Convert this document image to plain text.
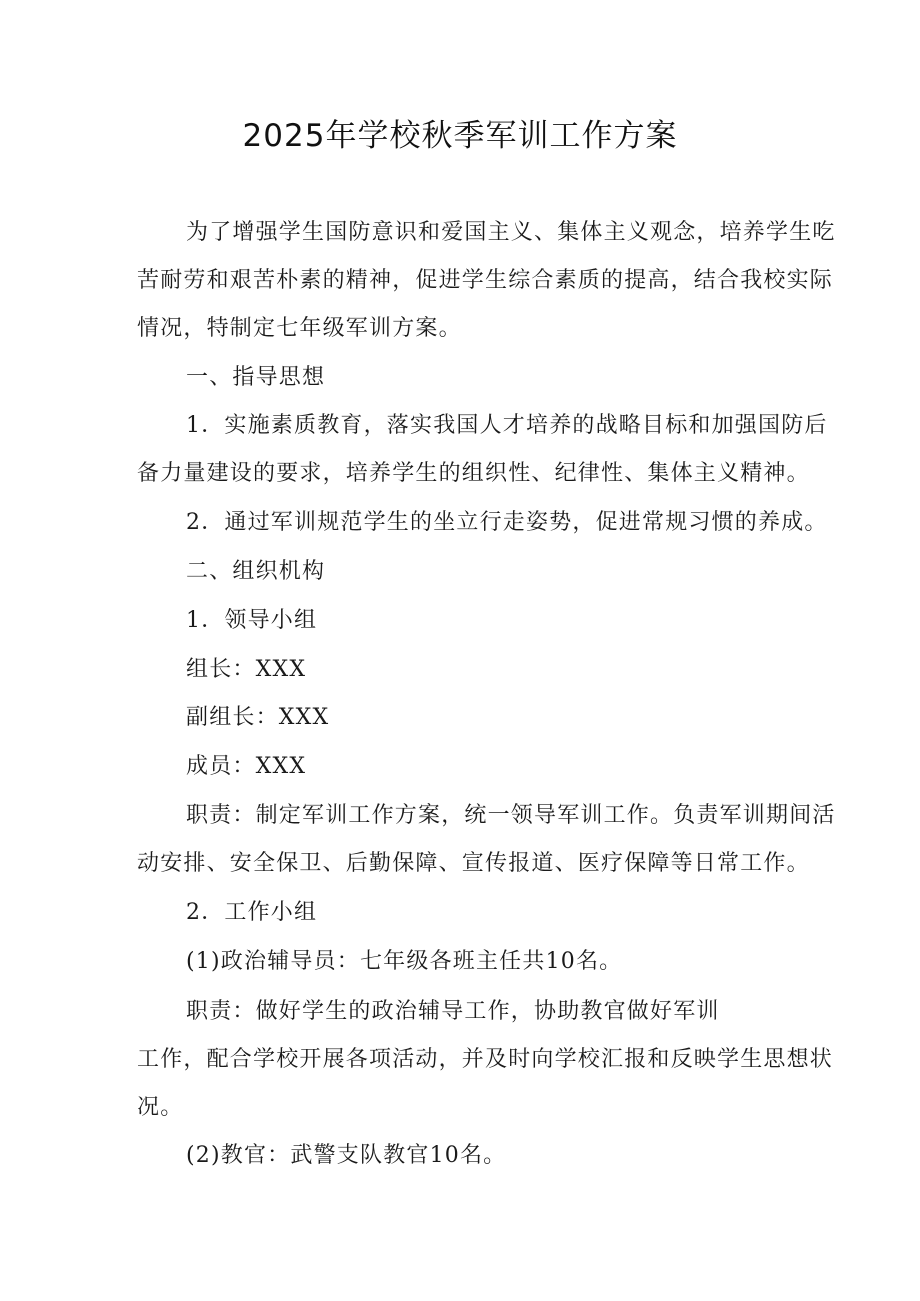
2025年学校秋季军训工作方案
为了增强学生国防意识和爱国主义、集体主义观念，培养学生吃
苦耐劳和艰苦朴素的精神，促进学生综合素质的提高，结合我校实际
情况，特制定七年级军训方案。
一、指导思想
1．实施素质教育，落实我国人才培养的战略目标和加强国防后
备力量建设的要求，培养学生的组织性、纪律性、集体主义精神。
2．通过军训规范学生的坐立行走姿势，促进常规习惯的养成。
二、组织机构
1．领导小组
组长：XXX
副组长：XXX
成员：XXX
职责：制定军训工作方案，统一领导军训工作。负责军训期间活
动安排、安全保卫、后勤保障、宣传报道、医疗保障等日常工作。
2．工作小组
(1)政治辅导员：七年级各班主任共10名。
职责：做好学生的政治辅导工作，协助教官做好军训
工作，配合学校开展各项活动，并及时向学校汇报和反映学生思想状
况。
(2)教官：武警支队教官10名。
